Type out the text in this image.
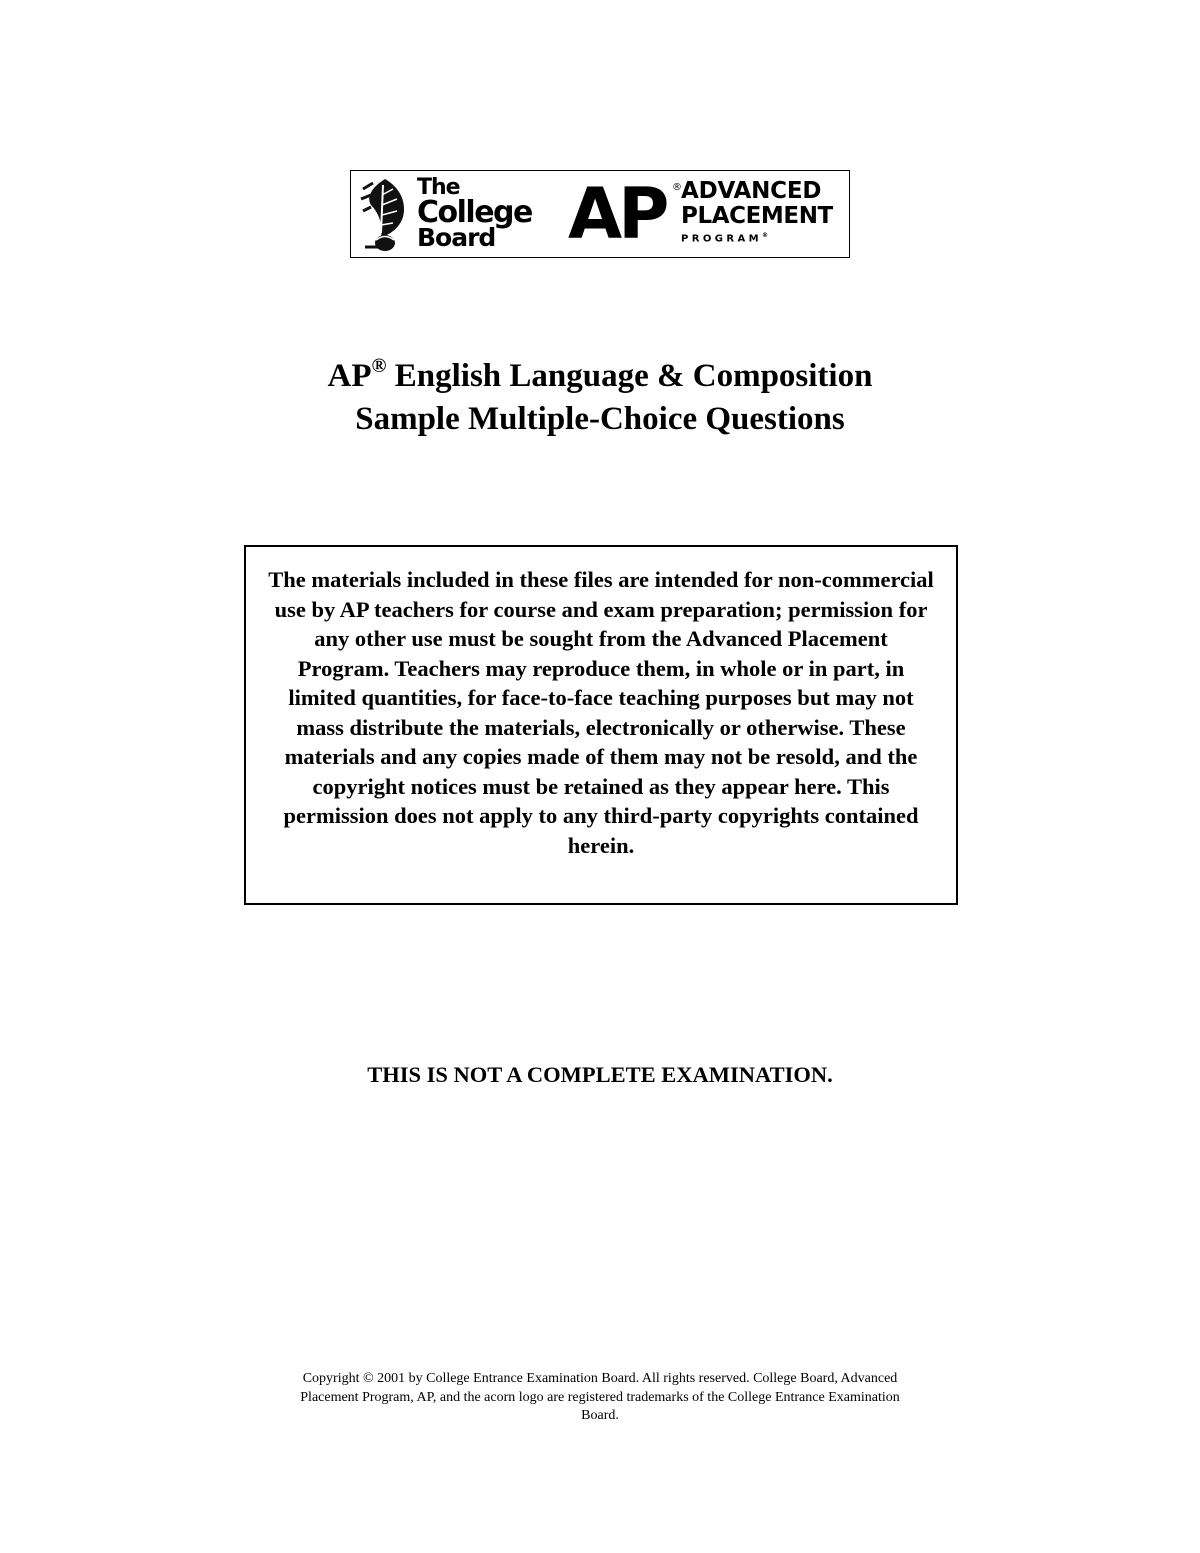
The
College
Board	AP ® ADVANCED
PLACEMENT
PROGRAM®
AP® English Language & Composition
Sample Multiple-Choice Questions
The materials included in these files are intended for non-commercial use by AP teachers for course and exam preparation; permission for any other use must be sought from the Advanced Placement Program. Teachers may reproduce them, in whole or in part, in limited quantities, for face-to-face teaching purposes but may not mass distribute the materials, electronically or otherwise. These materials and any copies made of them may not be resold, and the copyright notices must be retained as they appear here. This permission does not apply to any third-party copyrights contained herein.
THIS IS NOT A COMPLETE EXAMINATION.
Copyright © 2001 by College Entrance Examination Board. All rights reserved. College Board, Advanced Placement Program, AP, and the acorn logo are registered trademarks of the College Entrance Examination Board.
